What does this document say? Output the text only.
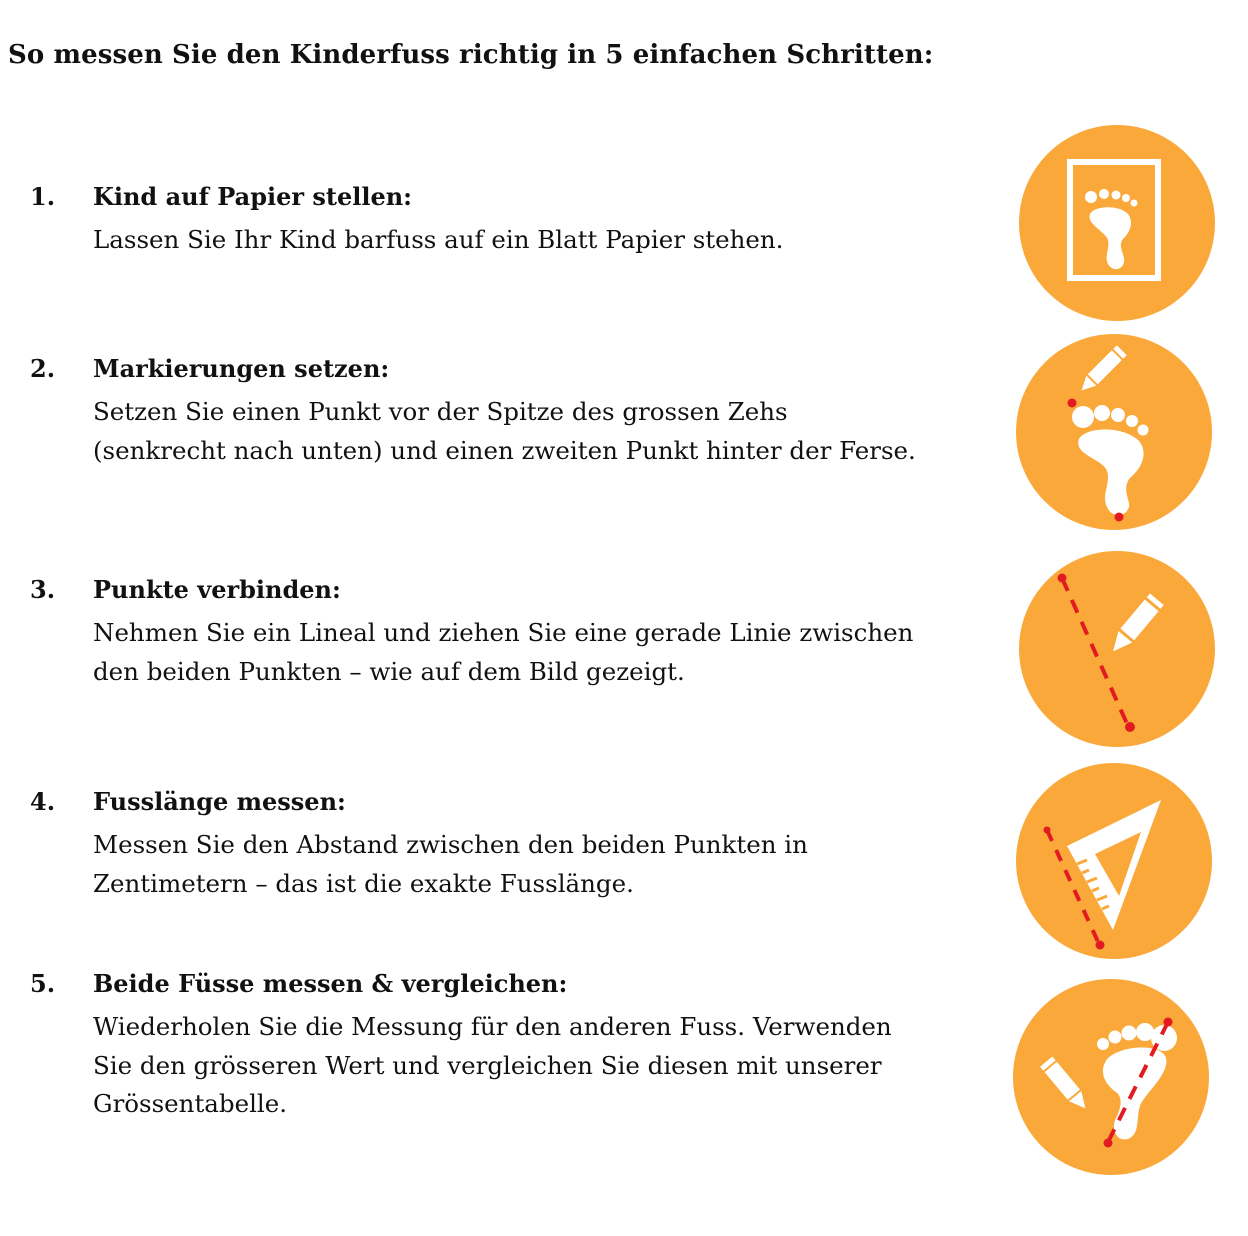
So messen Sie den Kinderfuss richtig in 5 einfachen Schritten:
1. Kind auf Papier stellen:
Lassen Sie Ihr Kind barfuss auf ein Blatt Papier stehen.
2. Markierungen setzen:
Setzen Sie einen Punkt vor der Spitze des grossen Zehs (senkrecht nach unten) und einen zweiten Punkt hinter der Ferse.
3. Punkte verbinden:
Nehmen Sie ein Lineal und ziehen Sie eine gerade Linie zwischen den beiden Punkten – wie auf dem Bild gezeigt.
4. Fusslänge messen:
Messen Sie den Abstand zwischen den beiden Punkten in Zentimetern – das ist die exakte Fusslänge.
5. Beide Füsse messen & vergleichen:
Wiederholen Sie die Messung für den anderen Fuss. Verwenden Sie den grösseren Wert und vergleichen Sie diesen mit unserer Grössentabelle.
